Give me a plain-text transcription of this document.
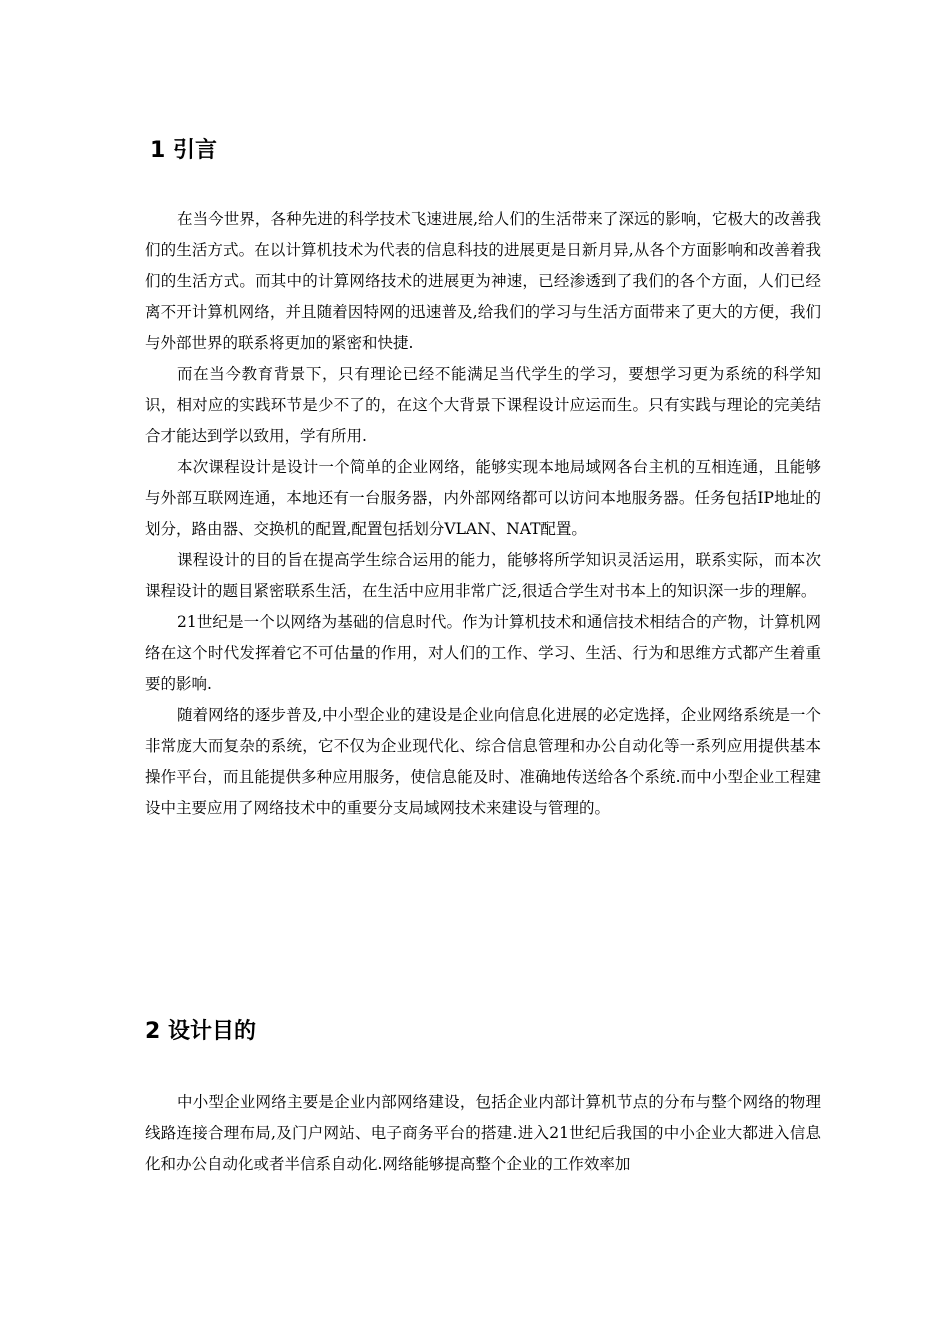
1 引言

在当今世界，各种先进的科学技术飞速进展,给人们的生活带来了深远的影响，它极大的改善我们的生活方式。在以计算机技术为代表的信息科技的进展更是日新月异,从各个方面影响和改善着我们的生活方式。而其中的计算网络技术的进展更为神速，已经渗透到了我们的各个方面，人们已经离不开计算机网络，并且随着因特网的迅速普及,给我们的学习与生活方面带来了更大的方便，我们与外部世界的联系将更加的紧密和快捷.

而在当今教育背景下，只有理论已经不能满足当代学生的学习，要想学习更为系统的科学知识，相对应的实践环节是少不了的，在这个大背景下课程设计应运而生。只有实践与理论的完美结合才能达到学以致用，学有所用.

本次课程设计是设计一个简单的企业网络，能够实现本地局域网各台主机的互相连通，且能够与外部互联网连通，本地还有一台服务器，内外部网络都可以访问本地服务器。任务包括IP地址的划分，路由器、交换机的配置,配置包括划分VLAN、NAT配置。

课程设计的目的旨在提高学生综合运用的能力，能够将所学知识灵活运用，联系实际，而本次课程设计的题目紧密联系生活，在生活中应用非常广泛,很适合学生对书本上的知识深一步的理解。

21世纪是一个以网络为基础的信息时代。作为计算机技术和通信技术相结合的产物，计算机网络在这个时代发挥着它不可估量的作用，对人们的工作、学习、生活、行为和思维方式都产生着重要的影响.

随着网络的逐步普及,中小型企业的建设是企业向信息化进展的必定选择，企业网络系统是一个非常庞大而复杂的系统，它不仅为企业现代化、综合信息管理和办公自动化等一系列应用提供基本操作平台，而且能提供多种应用服务，使信息能及时、准确地传送给各个系统.而中小型企业工程建设中主要应用了网络技术中的重要分支局域网技术来建设与管理的。

2 设计目的

中小型企业网络主要是企业内部网络建设，包括企业内部计算机节点的分布与整个网络的物理线路连接合理布局,及门户网站、电子商务平台的搭建.进入21世纪后我国的中小企业大都进入信息化和办公自动化或者半信系自动化.网络能够提高整个企业的工作效率加
